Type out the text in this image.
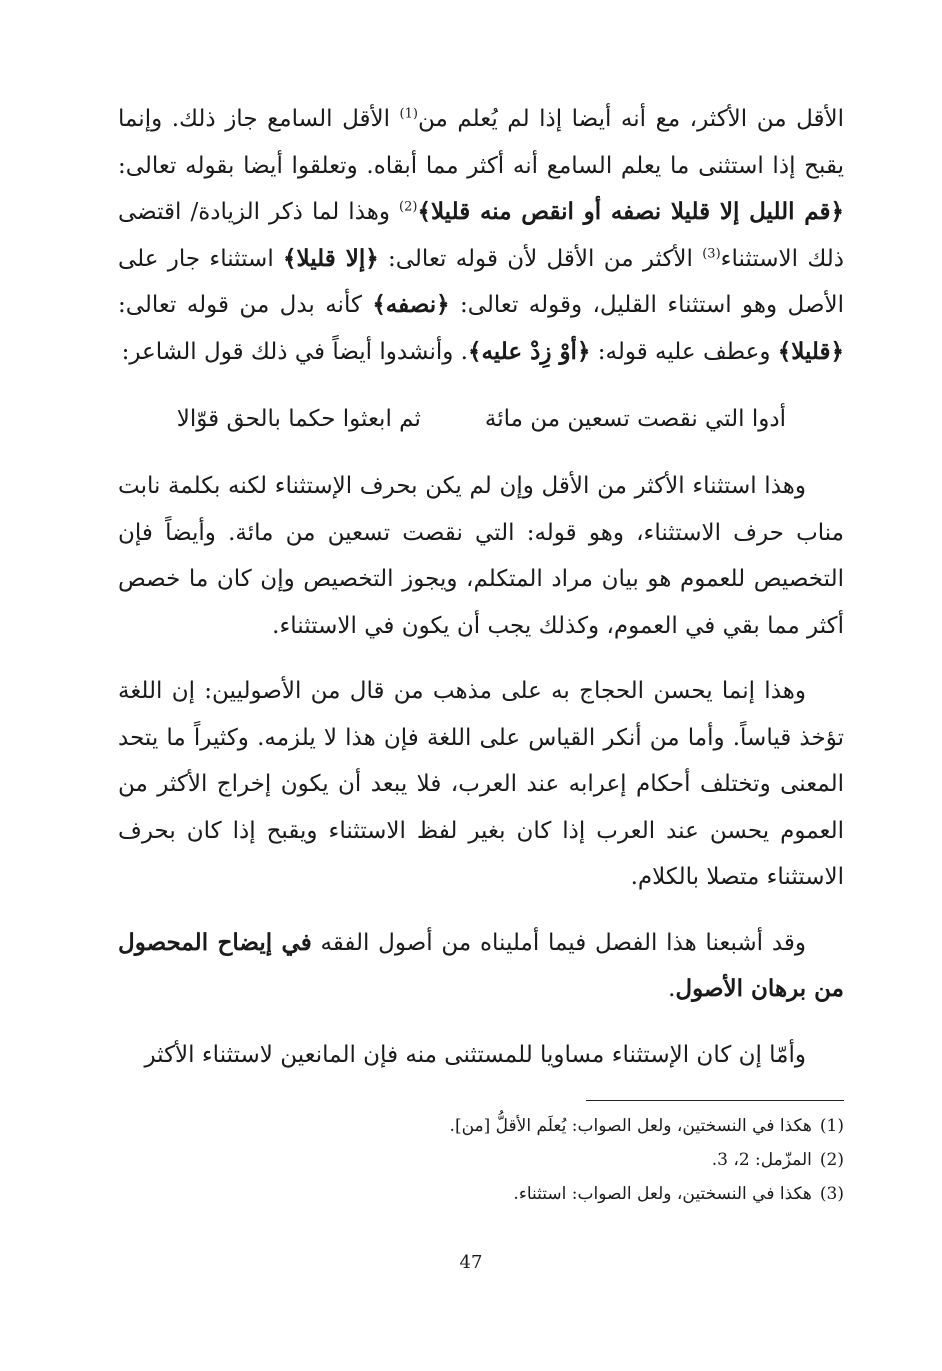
الأقل من الأكثر، مع أنه أيضا إذا لم يُعلم من$^{(1)}$ الأقل السامع جاز ذلك. وإنما يقبح إذا استثنى ما يعلم السامع أنه أكثر مما أبقاه. وتعلقوا أيضا بقوله تعالى: ﴿قم الليل إلا قليلا نصفه أو انقص منه قليلا﴾$^{(2)}$ وهذا لما ذكر الزيادة/ اقتضى ذلك الاستثناء$^{(3)}$ الأكثر من الأقل لأن قوله تعالى: ﴿إلا قليلا﴾ استثناء جار على الأصل وهو استثناء القليل، وقوله تعالى: ﴿نصفه﴾ كأنه بدل من قوله تعالى: ﴿قليلا﴾ وعطف عليه قوله: ﴿أوْ زِدْ عليه﴾. وأنشدوا أيضاً في ذلك قول الشاعر:

أدوا التي نقصت تسعين من مائة
ثم ابعثوا حكما بالحق قوّالا

وهذا استثناء الأكثر من الأقل وإن لم يكن بحرف الإستثناء لكنه بكلمة نابت مناب حرف الاستثناء، وهو قوله: التي نقصت تسعين من مائة. وأيضاً فإن التخصيص للعموم هو بيان مراد المتكلم، ويجوز التخصيص وإن كان ما خصص أكثر مما بقي في العموم، وكذلك يجب أن يكون في الاستثناء.

وهذا إنما يحسن الحجاج به على مذهب من قال من الأصوليين: إن اللغة تؤخذ قياساً. وأما من أنكر القياس على اللغة فإن هذا لا يلزمه. وكثيراً ما يتحد المعنى وتختلف أحكام إعرابه عند العرب، فلا يبعد أن يكون إخراج الأكثر من العموم يحسن عند العرب إذا كان بغير لفظ الاستثناء ويقبح إذا كان بحرف الاستثناء متصلا بالكلام.

وقد أشبعنا هذا الفصل فيما أمليناه من أصول الفقه في إيضاح المحصول من برهان الأصول.

وأمّا إن كان الإستثناء مساويا للمستثنى منه فإن المانعين لاستثناء الأكثر

(1)هكذا في النسختين، ولعل الصواب: يُعلَم الأقلُّ [من].

(2)المزّمل: 2، 3.

(3)هكذا في النسختين، ولعل الصواب: استثناء.

47
